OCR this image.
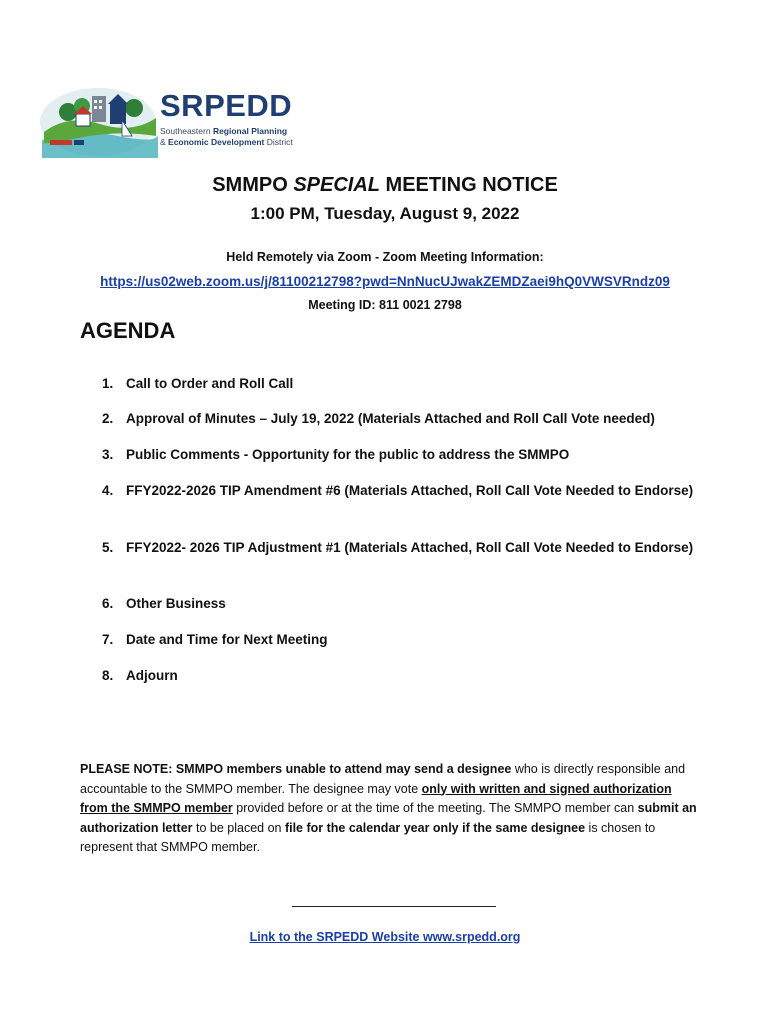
SRPEDD
Southeastern Regional Planning
& Economic Development District
SMMPO SPECIAL MEETING NOTICE
1:00 PM, Tuesday, August 9, 2022
Held Remotely via Zoom - Zoom Meeting Information:
https://us02web.zoom.us/j/81100212798?pwd=NnNucUJwakZEMDZaei9hQ0VWSVRndz09
Meeting ID: 811 0021 2798
AGENDA
1. Call to Order and Roll Call
2. Approval of Minutes – July 19, 2022 (Materials Attached and Roll Call Vote needed)
3. Public Comments - Opportunity for the public to address the SMMPO
4. FFY2022-2026 TIP Amendment #6 (Materials Attached, Roll Call Vote Needed to Endorse)
5. FFY2022- 2026 TIP Adjustment #1 (Materials Attached, Roll Call Vote Needed to Endorse)
6. Other Business
7. Date and Time for Next Meeting
8. Adjourn
PLEASE NOTE: SMMPO members unable to attend may send a designee who is directly responsible and accountable to the SMMPO member. The designee may vote only with written and signed authorization from the SMMPO member provided before or at the time of the meeting. The SMMPO member can submit an authorization letter to be placed on file for the calendar year only if the same designee is chosen to represent that SMMPO member.
Link to the SRPEDD Website www.srpedd.org
